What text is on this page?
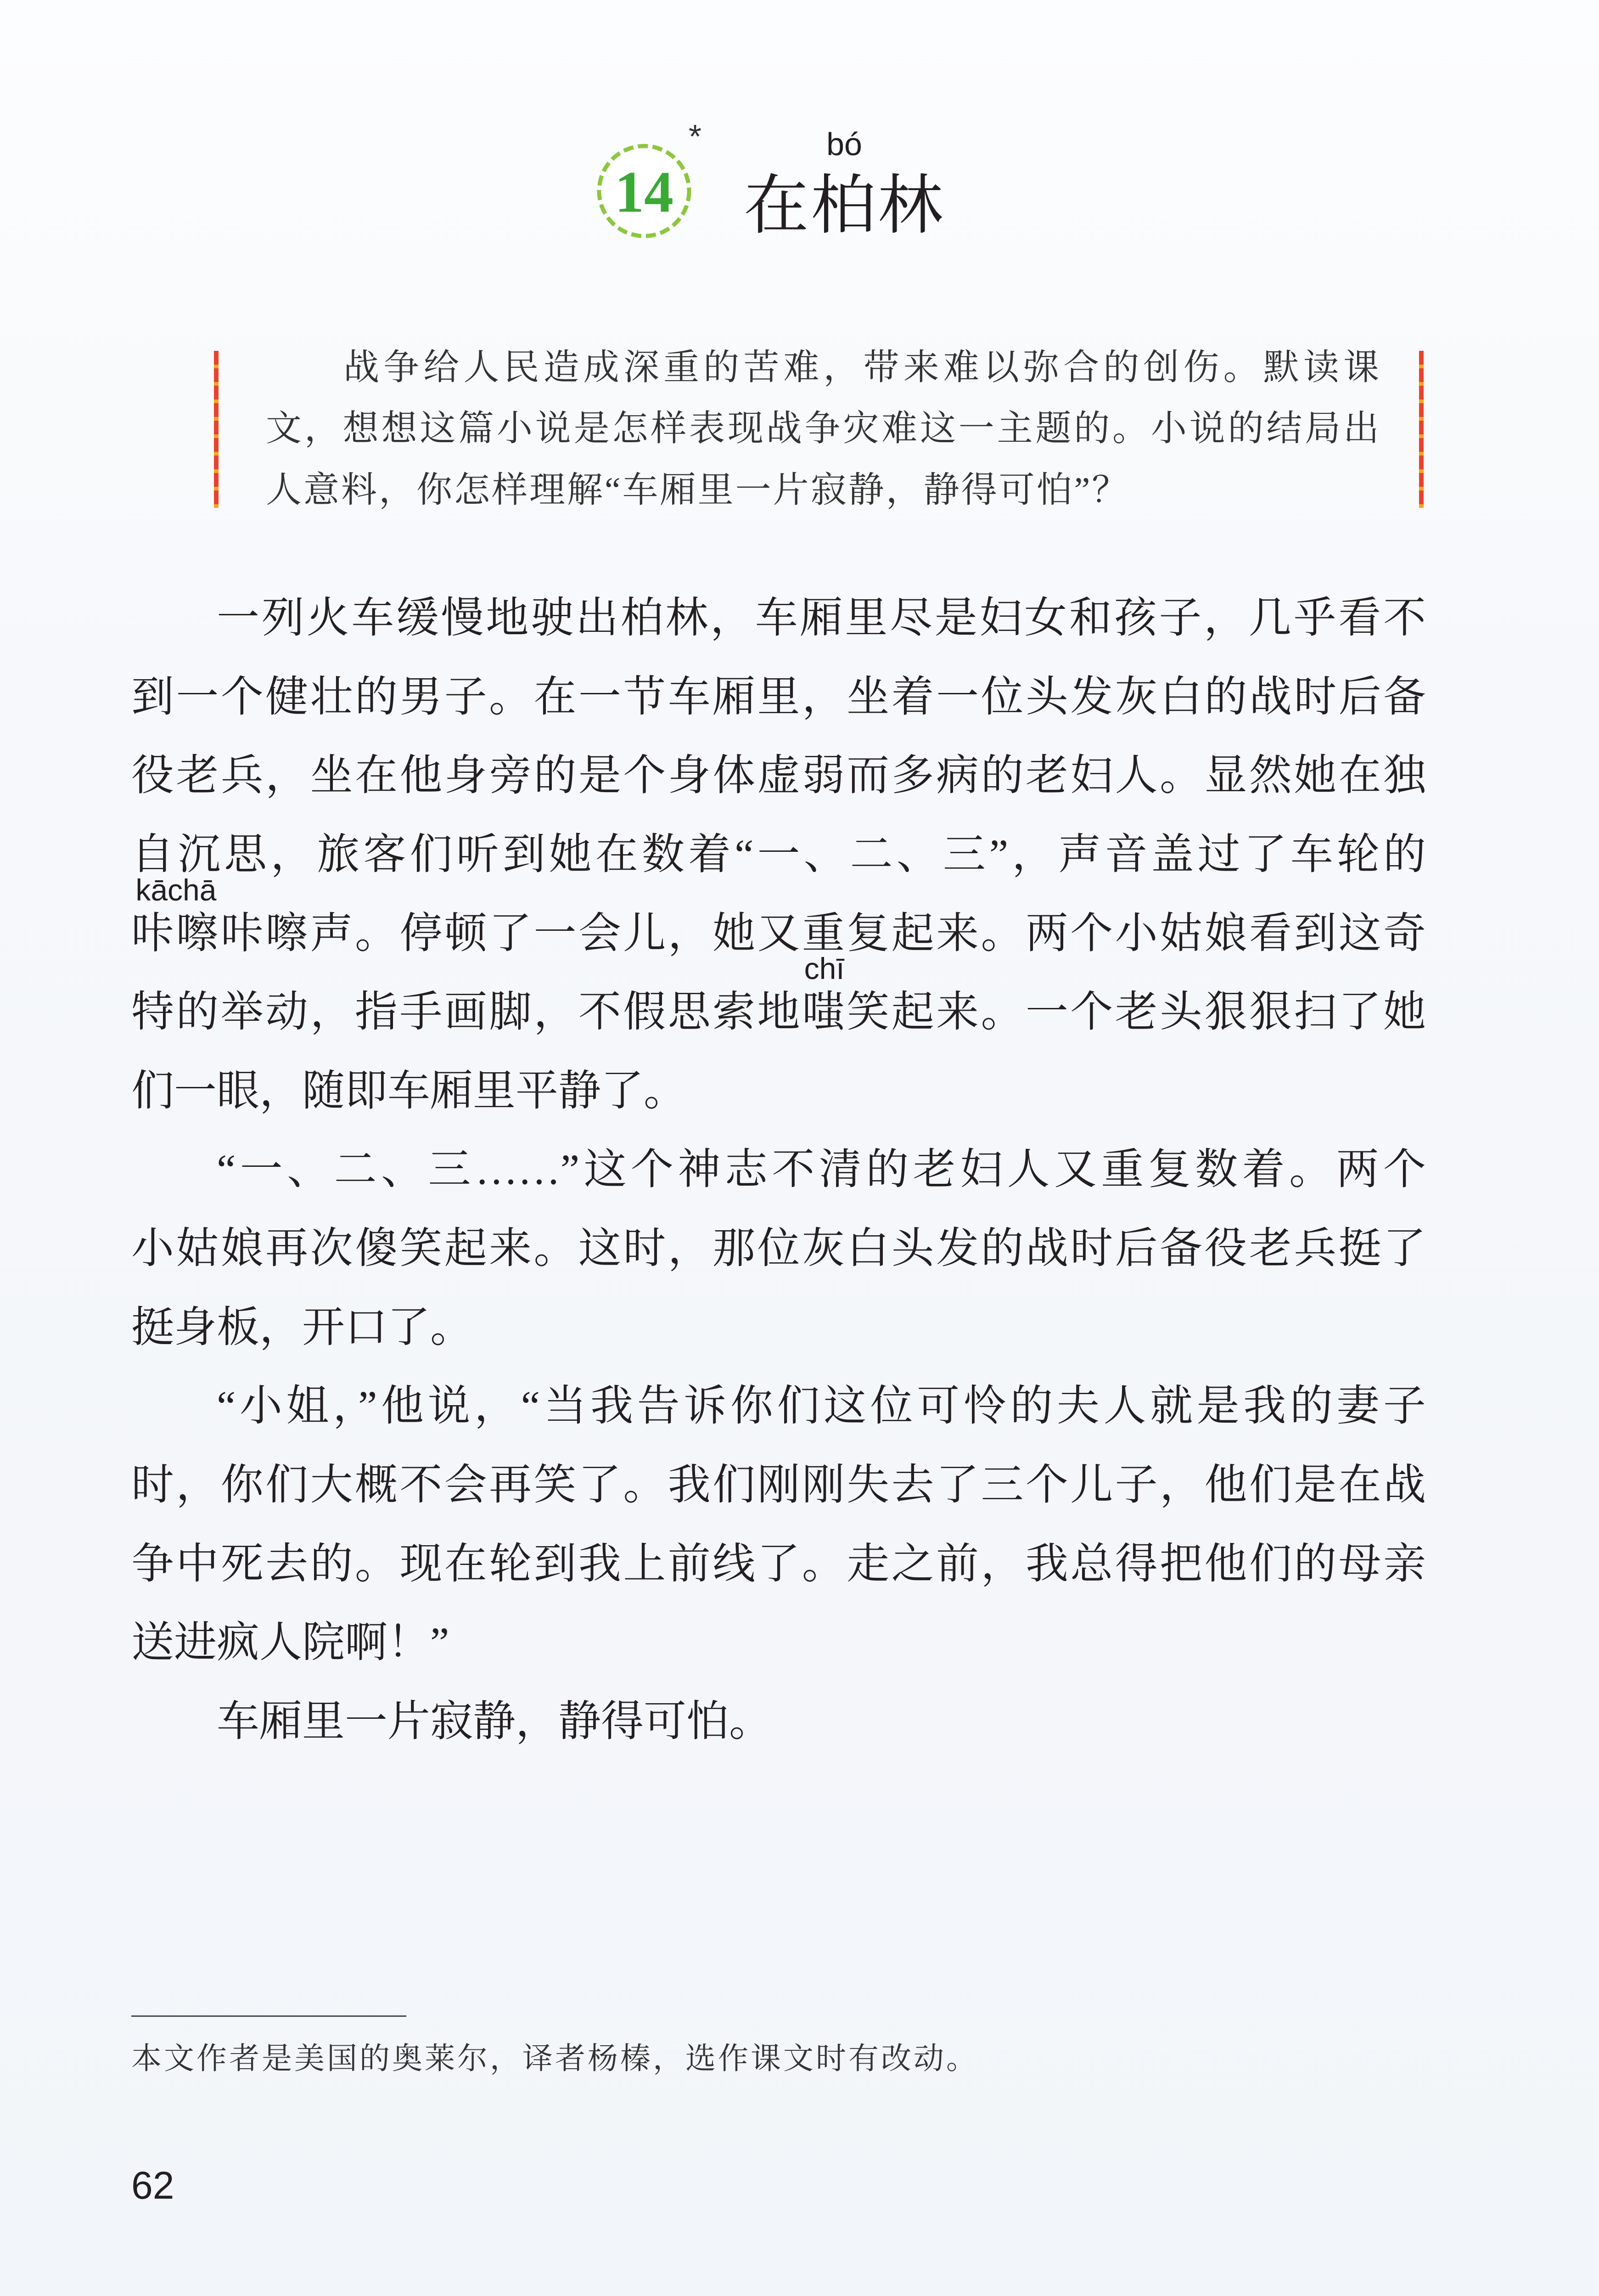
14
*
在柏
bó
林
战争给人民造成深重的苦难，带来难以弥合的创伤。默读课
文，想想这篇小说是怎样表现战争灾难这一主题的。小说的结局出
人意料，你怎样理解“车厢里一片寂静，静得可怕”？
一列火车缓慢地驶出柏林，车厢里尽是妇女和孩子，几乎看不
到一个健壮的男子。在一节车厢里，坐着一位头发灰白的战时后备
役老兵，坐在他身旁的是个身体虚弱而多病的老妇人。显然她在独
自沉思，旅客们听到她在数着“一、二、三”，声音盖过了车轮的
咔嚓
kāchā
咔嚓声。停顿了一会儿，她又重复起来。两个小姑娘看到这奇
特的举动，指手画脚，不假思索地嗤
chī
笑起来。一个老头狠狠扫了她
们一眼，随即车厢里平静了。
“一、二、三……”这个神志不清的老妇人又重复数着。两个
小姑娘再次傻笑起来。这时，那位灰白头发的战时后备役老兵挺了
挺身板，开口了。
“小姐，”他说，“当我告诉你们这位可怜的夫人就是我的妻子
时，你们大概不会再笑了。我们刚刚失去了三个儿子，他们是在战
争中死去的。现在轮到我上前线了。走之前，我总得把他们的母亲
送进疯人院啊！”
车厢里一片寂静，静得可怕。
本文作者是美国的奥莱尔，译者杨榛，选作课文时有改动。
62
